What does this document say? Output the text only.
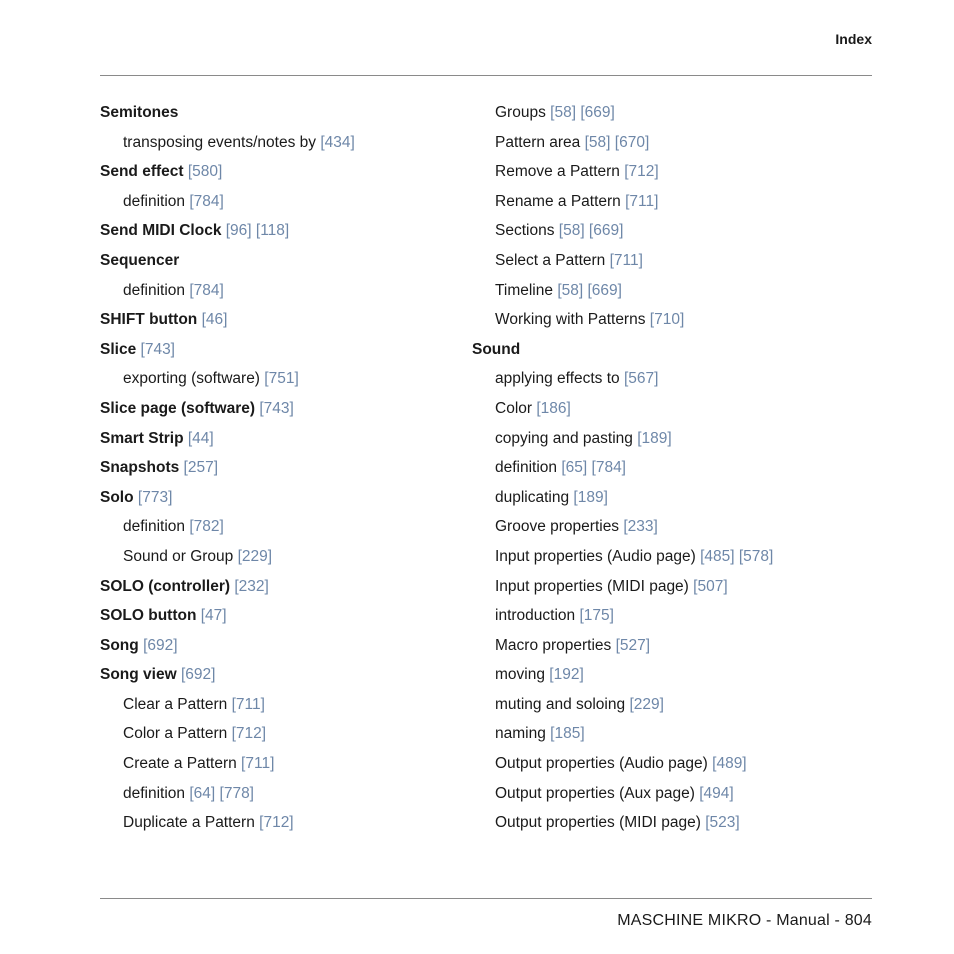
Index
Semitones
transposing events/notes by [434]
Send effect [580]
definition [784]
Send MIDI Clock [96] [118]
Sequencer
definition [784]
SHIFT button [46]
Slice [743]
exporting (software) [751]
Slice page (software) [743]
Smart Strip [44]
Snapshots [257]
Solo [773]
definition [782]
Sound or Group [229]
SOLO (controller) [232]
SOLO button [47]
Song [692]
Song view [692]
Clear a Pattern [711]
Color a Pattern [712]
Create a Pattern [711]
definition [64] [778]
Duplicate a Pattern [712]
Groups [58] [669]
Pattern area [58] [670]
Remove a Pattern [712]
Rename a Pattern [711]
Sections [58] [669]
Select a Pattern [711]
Timeline [58] [669]
Working with Patterns [710]
Sound
applying effects to [567]
Color [186]
copying and pasting [189]
definition [65] [784]
duplicating [189]
Groove properties [233]
Input properties (Audio page) [485] [578]
Input properties (MIDI page) [507]
introduction [175]
Macro properties [527]
moving [192]
muting and soloing [229]
naming [185]
Output properties (Audio page) [489]
Output properties (Aux page) [494]
Output properties (MIDI page) [523]
MASCHINE MIKRO - Manual - 804
